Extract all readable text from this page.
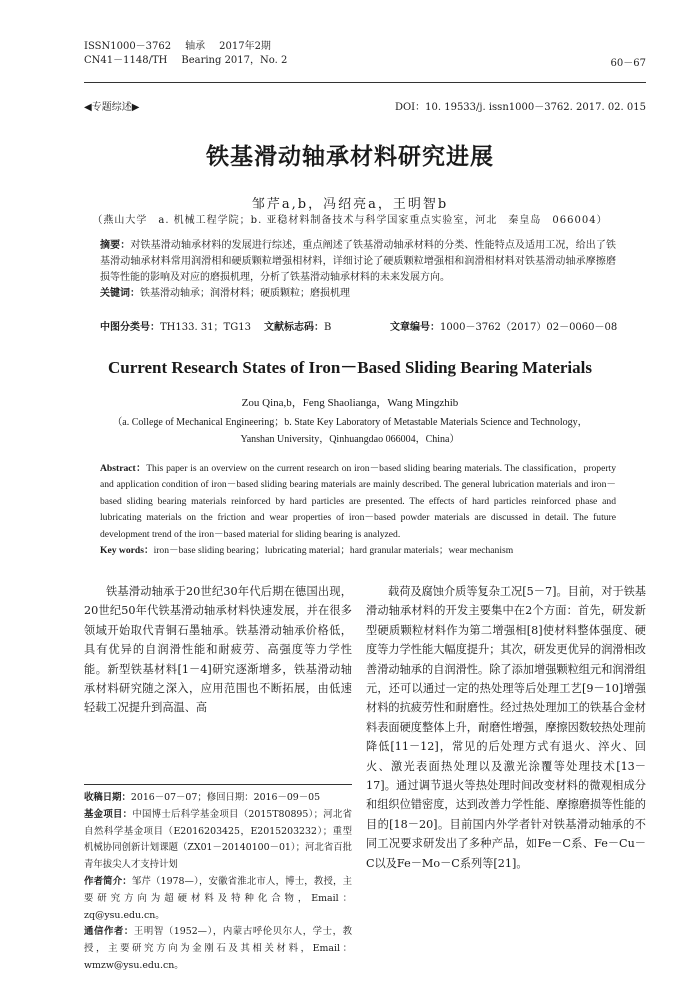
ISSN1000－3762 轴承 2017年2期
CN41－1148/TH Bearing 2017，No. 2	60－67
◀专题综述▶	DOI：10. 19533/j. issn1000－3762. 2017. 02. 015
铁基滑动轴承材料研究进展
邹芹a,b，冯绍亮a，王明智b
（燕山大学　a. 机械工程学院；b. 亚稳材料制备技术与科学国家重点实验室，河北　秦皇岛　066004）
摘要：对铁基滑动轴承材料的发展进行综述，重点阐述了铁基滑动轴承材料的分类、性能特点及适用工况，给出了铁基滑动轴承材料常用润滑相和硬质颗粒增强相材料，详细讨论了硬质颗粒增强相和润滑相材料对铁基滑动轴承摩擦磨损等性能的影响及对应的磨损机理，分析了铁基滑动轴承材料的未来发展方向。
关键词：铁基滑动轴承；润滑材料；硬质颗粒；磨损机理
中图分类号：TH133. 31；TG13 文献标志码：B	文章编号：1000－3762（2017）02－0060－08
Current Research States of Iron－Based Sliding Bearing Materials
Zou Qina,b，Feng Shaolianga，Wang Mingzhib
（a. College of Mechanical Engineering；b. State Key Laboratory of Metastable Materials Science and Technology，
Yanshan University，Qinhuangdao 066004，China）
Abstract：This paper is an overview on the current research on iron－based sliding bearing materials. The classification，property and application condition of iron－based sliding bearing materials are mainly described. The general lubrication materials and iron－ based sliding bearing materials reinforced by hard particles are presented. The effects of hard particles reinforced phase and lubricating materials on the friction and wear properties of iron－based powder materials are discussed in detail. The future development trend of the iron－based material for sliding bearing is analyzed.
Key words：iron－base sliding bearing；lubricating material；hard granular materials；wear mechanism
铁基滑动轴承于20世纪30年代后期在德国出现，20世纪50年代铁基滑动轴承材料快速发展，并在很多领域开始取代青铜石墨轴承。铁基滑动轴承价格低，具有优异的自润滑性能和耐疲劳、高强度等力学性能。新型铁基材料[1－4]研究逐渐增多，铁基滑动轴承材料研究随之深入，应用范围也不断拓展，由低速轻载工况提升到高温、高
载荷及腐蚀介质等复杂工况[5－7]。目前，对于铁基滑动轴承材料的开发主要集中在2个方面：首先，研发新型硬质颗粒材料作为第二增强相[8]使材料整体强度、硬度等力学性能大幅度提升；其次，研发更优异的润滑相改善滑动轴承的自润滑性。除了添加增强颗粒组元和润滑组元，还可以通过一定的热处理等后处理工艺[9－10]增强材料的抗疲劳性和耐磨性。经过热处理加工的铁基合金材料表面硬度整体上升，耐磨性增强，摩擦因数较热处理前降低[11－12]，常见的后处理方式有退火、淬火、回火、激光表面热处理以及激光涂覆等处理技术[13－17]。通过调节退火等热处理时间改变材料的微观相成分和组织位错密度，达到改善力学性能、摩擦磨损等性能的目的[18－20]。目前国内外学者针对铁基滑动轴承的不同工况要求研发出了多种产品，如Fe－C系、Fe－Cu－C以及Fe－Mo－C系列等[21]。

收稿日期：2016－07－07；修回日期：2016－09－05

基金项目：中国博士后科学基金项目（2015T80895）；河北省自然科学基金项目（E2016203425，E2015203232）；重型机械协同创新计划课题（ZX01－20140100－01）；河北省百批青年拔尖人才支持计划

作者简介：邹芹（1978—），安徽省淮北市人，博士，教授，主要研究方向为超硬材料及特种化合物，Email：zq@ysu.edu.cn。

通信作者：王明智（1952—），内蒙古呼伦贝尔人，学士，教授，主要研究方向为金刚石及其相关材料，Email：wmzw@ysu.edu.cn。
